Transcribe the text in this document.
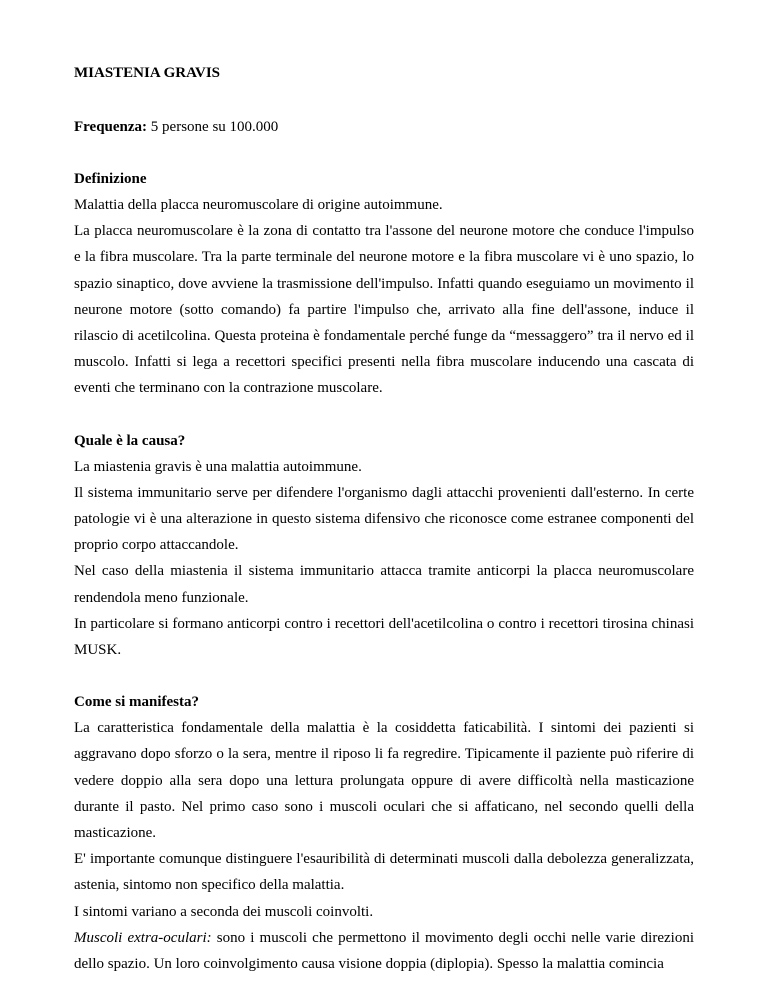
MIASTENIA GRAVIS

Frequenza: 5 persone su 100.000

Definizione

Malattia della placca neuromuscolare di origine autoimmune.

La placca neuromuscolare è la zona di contatto tra l'assone del neurone motore che conduce l'impulso e la fibra muscolare. Tra la parte terminale del neurone motore e la fibra muscolare vi è uno spazio, lo spazio sinaptico, dove avviene la trasmissione dell'impulso. Infatti quando eseguiamo un movimento il neurone motore (sotto comando) fa partire l'impulso che, arrivato alla fine dell'assone, induce il rilascio di acetilcolina. Questa proteina è fondamentale perché funge da “messaggero” tra il nervo ed il muscolo. Infatti si lega a recettori specifici presenti nella fibra muscolare inducendo una cascata di eventi che terminano con la contrazione muscolare.

Quale è la causa?

La miastenia gravis è una malattia autoimmune.

Il sistema immunitario serve per difendere l'organismo dagli attacchi provenienti dall'esterno. In certe patologie vi è una alterazione in questo sistema difensivo che riconosce come estranee componenti del proprio corpo attaccandole.

Nel caso della miastenia il sistema immunitario attacca tramite anticorpi la placca neuromuscolare rendendola meno funzionale.

In particolare si formano anticorpi contro i recettori dell'acetilcolina o contro i recettori tirosina chinasi MUSK.

Come si manifesta?

La caratteristica fondamentale della malattia è la cosiddetta faticabilità. I sintomi dei pazienti si aggravano dopo sforzo o la sera, mentre il riposo li fa regredire. Tipicamente il paziente può riferire di vedere doppio alla sera dopo una lettura prolungata oppure di avere difficoltà nella masticazione durante il pasto. Nel primo caso sono i muscoli oculari che si affaticano, nel secondo quelli della masticazione.

E' importante comunque distinguere l'esauribilità di determinati muscoli dalla debolezza generalizzata, astenia, sintomo non specifico della malattia.

I sintomi variano a seconda dei muscoli coinvolti.

Muscoli extra-oculari: sono i muscoli che permettono il movimento degli occhi nelle varie direzioni dello spazio. Un loro coinvolgimento causa visione doppia (diplopia). Spesso la malattia comincia
